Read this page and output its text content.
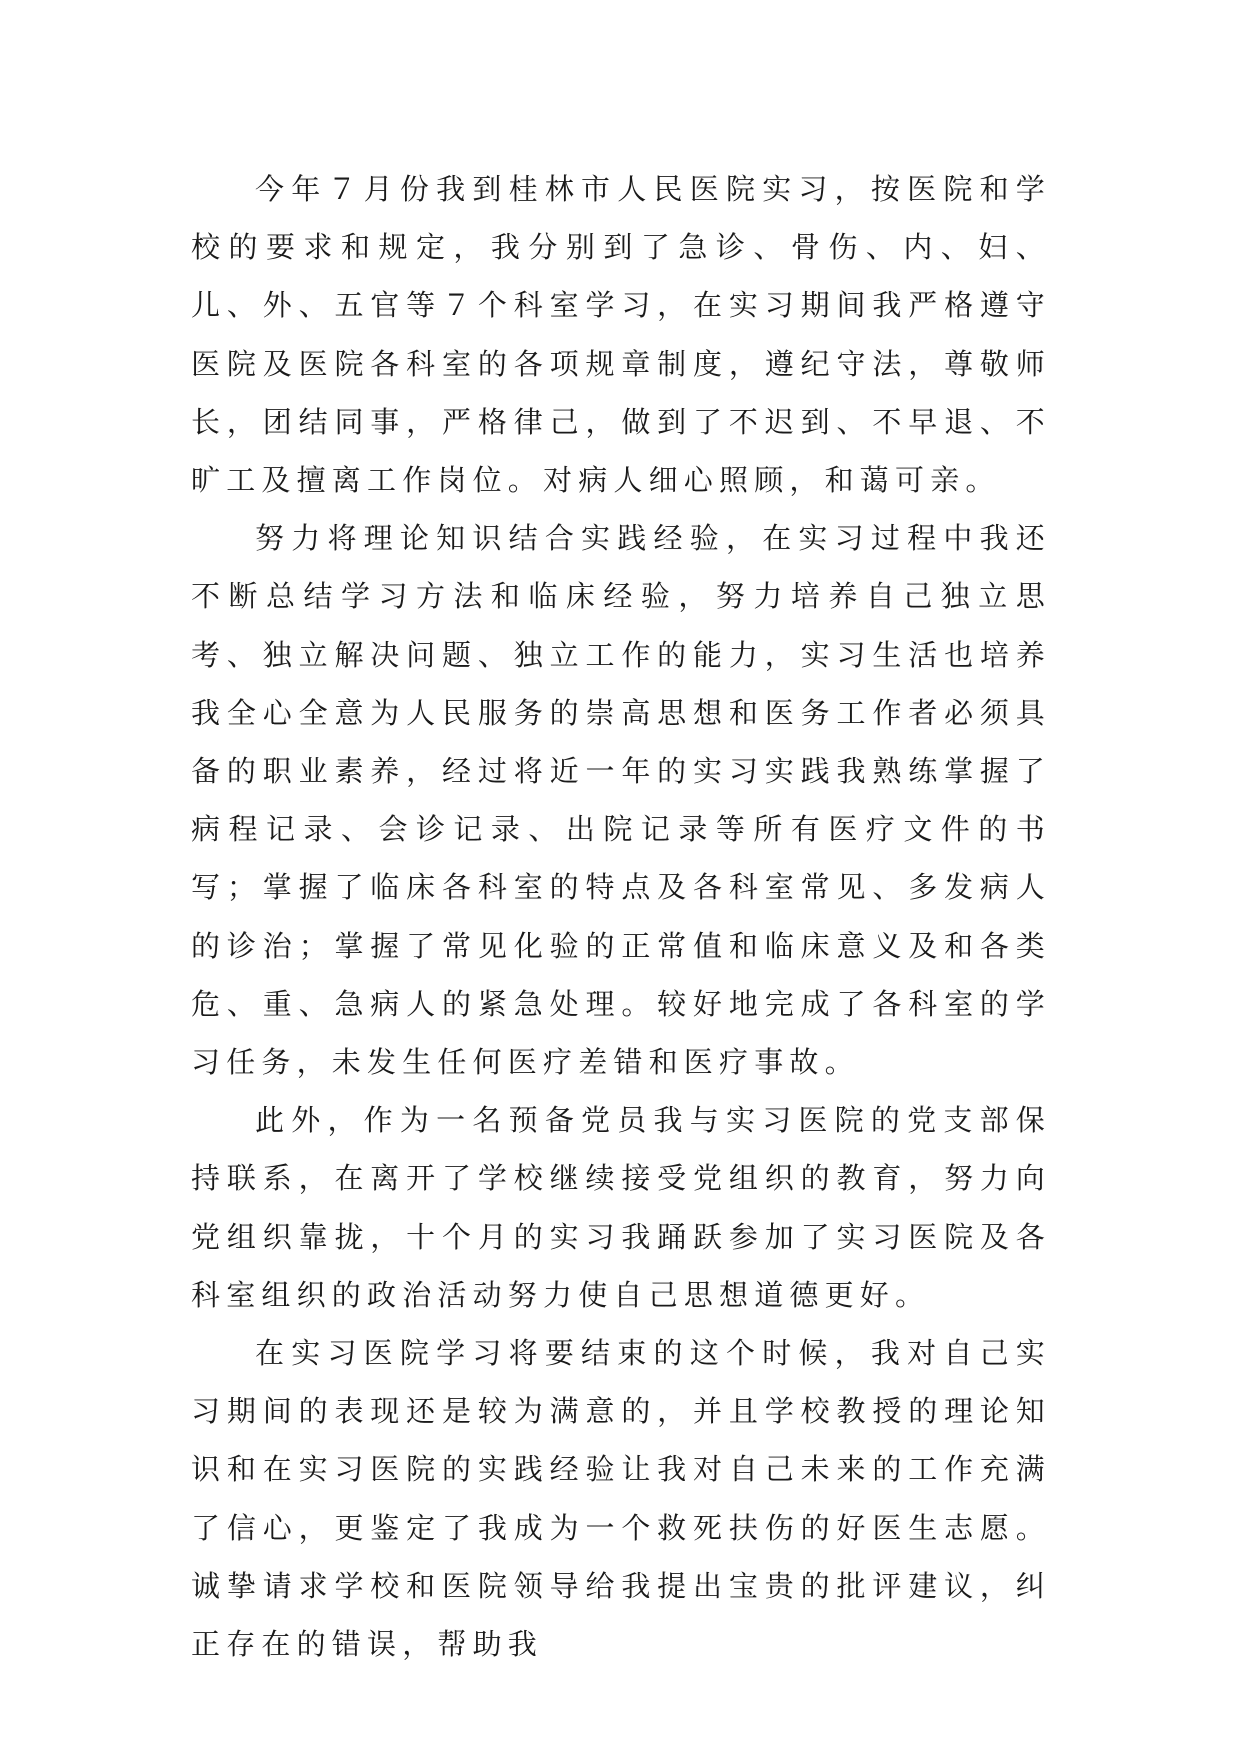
今年７月份我到桂林市人民医院实习，按医院和学校的要求和规定，我分别到了急诊、骨伤、内、妇、儿、外、五官等７个科室学习，在实习期间我严格遵守医院及医院各科室的各项规章制度，遵纪守法，尊敬师长，团结同事，严格律己，做到了不迟到、不早退、不旷工及擅离工作岗位。对病人细心照顾，和蔼可亲。

努力将理论知识结合实践经验，在实习过程中我还不断总结学习方法和临床经验，努力培养自己独立思考、独立解决问题、独立工作的能力，实习生活也培养我全心全意为人民服务的崇高思想和医务工作者必须具备的职业素养，经过将近一年的实习实践我熟练掌握了病程记录、会诊记录、出院记录等所有医疗文件的书写；掌握了临床各科室的特点及各科室常见、多发病人的诊治；掌握了常见化验的正常值和临床意义及和各类危、重、急病人的紧急处理。较好地完成了各科室的学习任务，未发生任何医疗差错和医疗事故。

此外，作为一名预备党员我与实习医院的党支部保持联系，在离开了学校继续接受党组织的教育，努力向党组织靠拢，十个月的实习我踊跃参加了实习医院及各科室组织的政治活动努力使自己思想道德更好。

在实习医院学习将要结束的这个时候，我对自己实习期间的表现还是较为满意的，并且学校教授的理论知识和在实习医院的实践经验让我对自己未来的工作充满了信心，更鉴定了我成为一个救死扶伤的好医生志愿。诚挚请求学校和医院领导给我提出宝贵的批评建议，纠正存在的错误，帮助我
